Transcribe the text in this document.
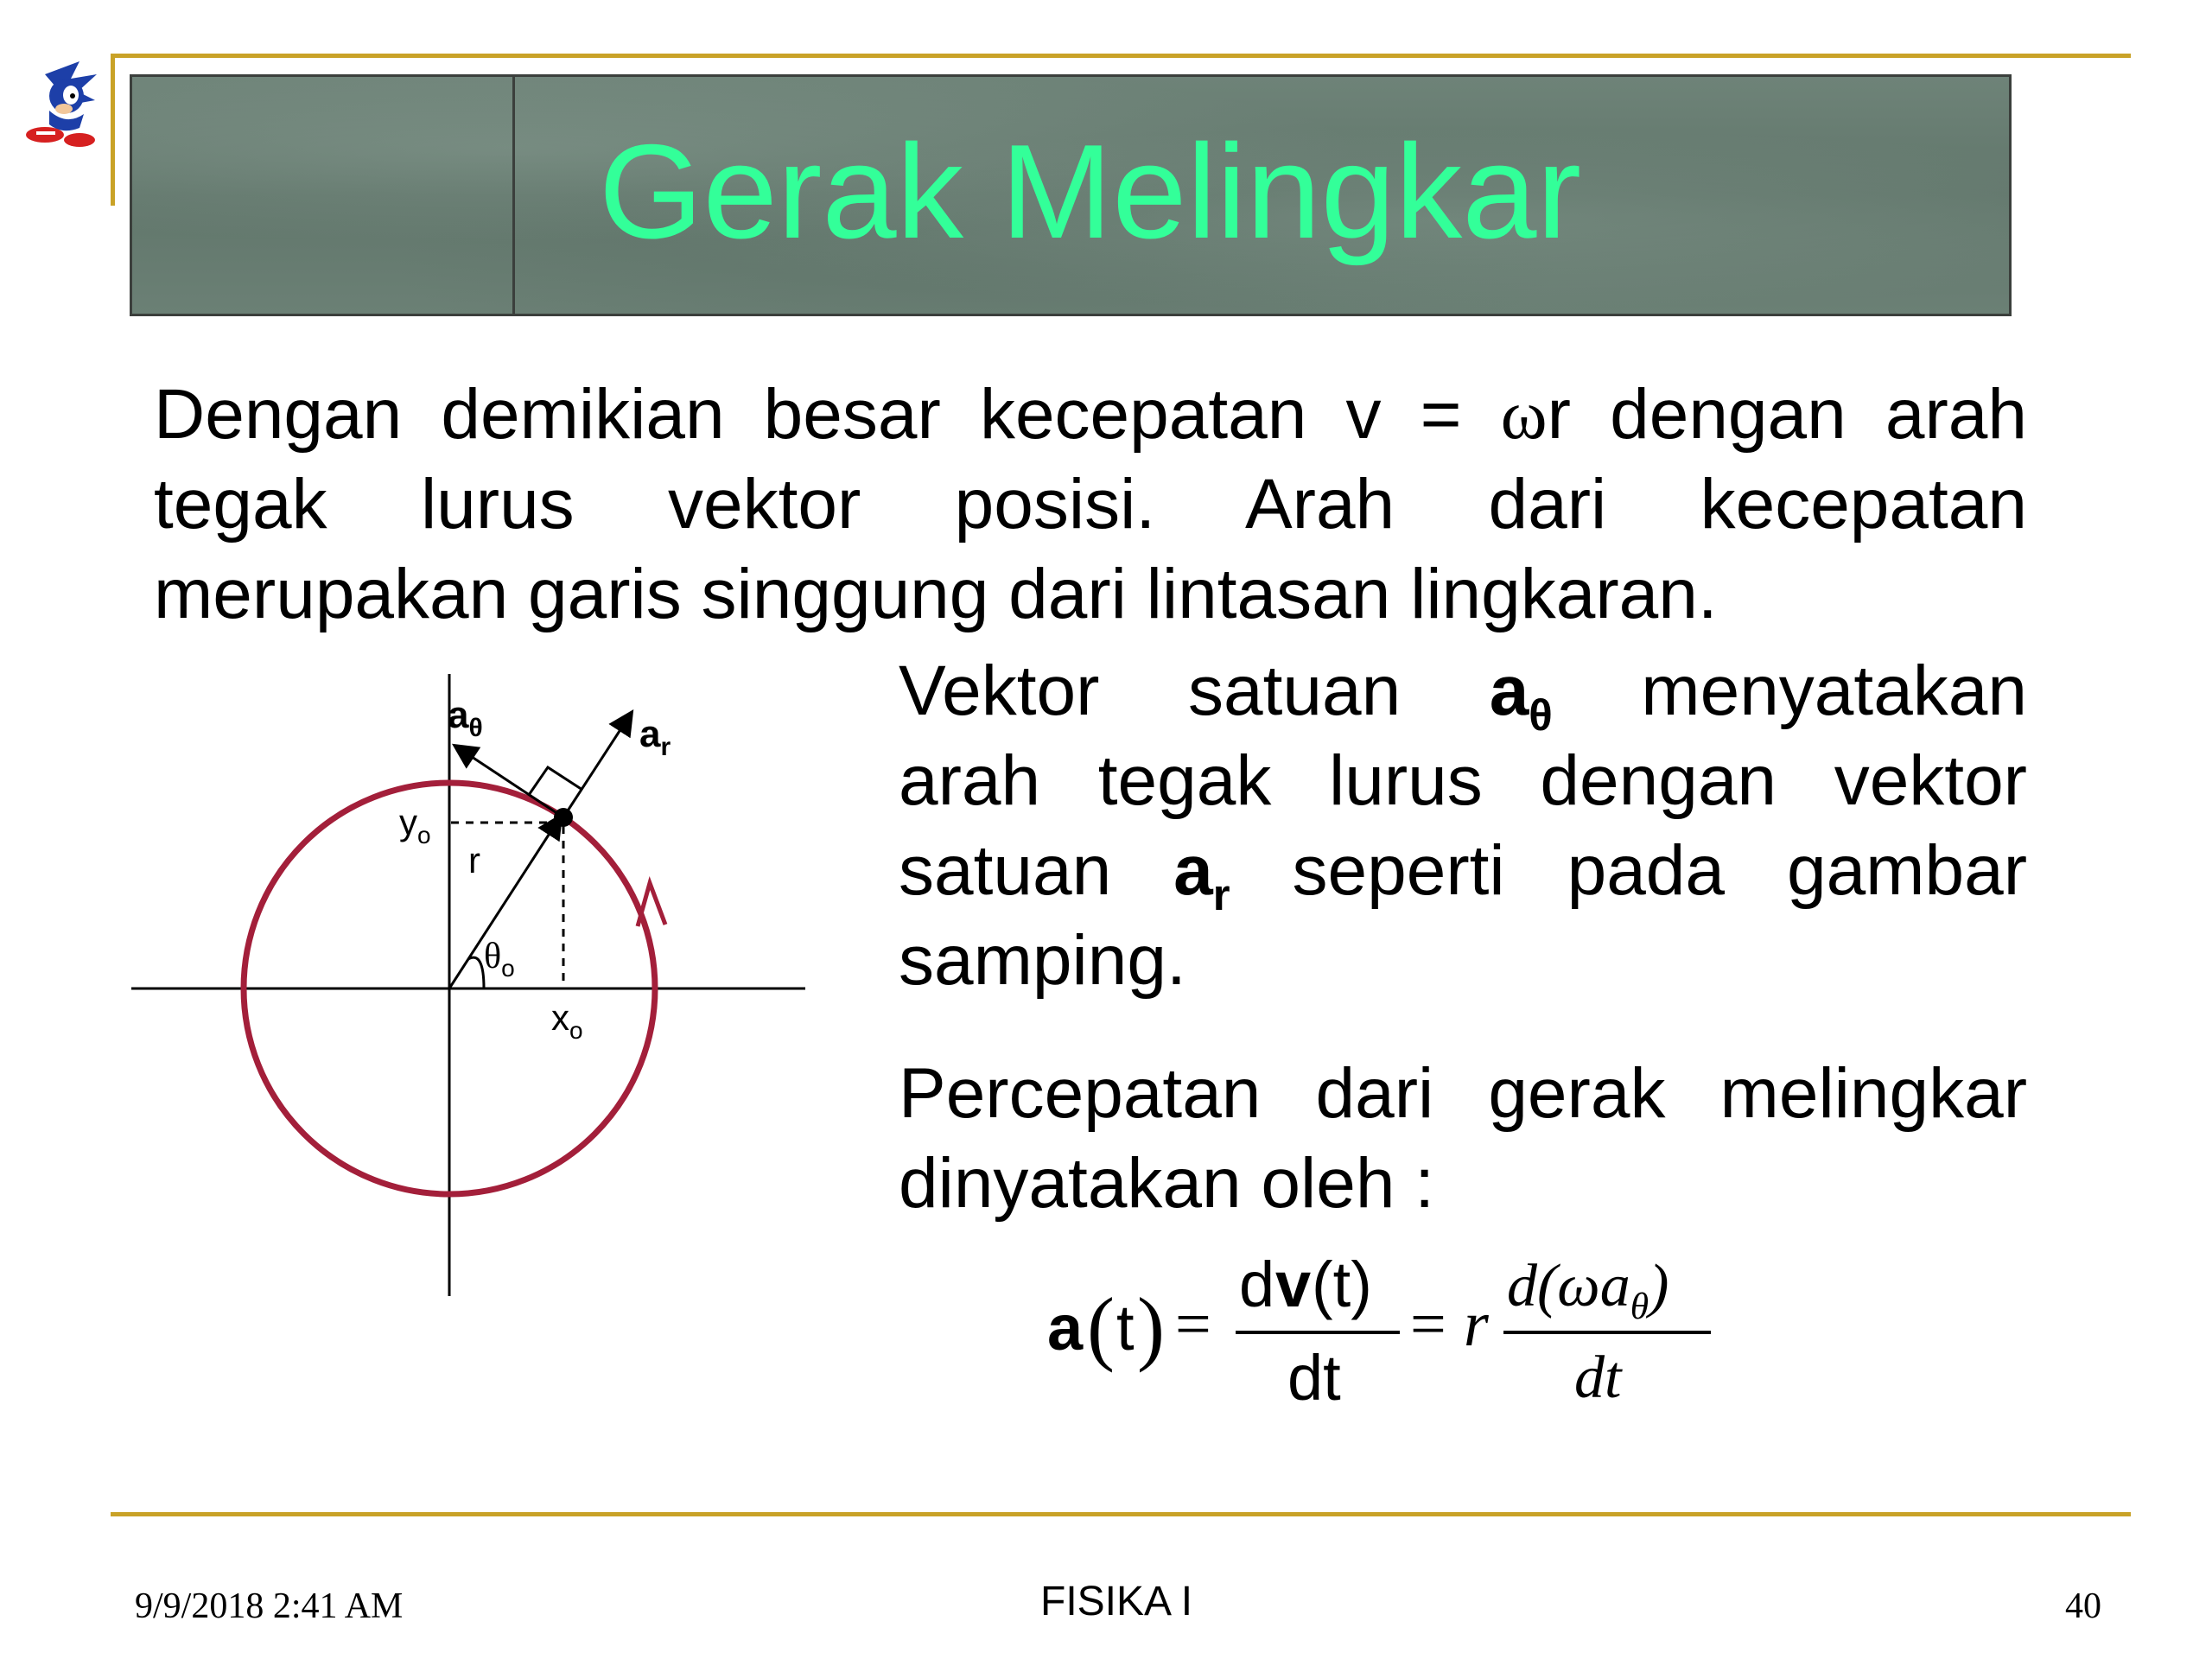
Gerak Melingkar
Dengan demikian besar kecepatan v = ωr dengan arah
tegak lurus vektor posisi. Arah dari kecepatan
merupakan garis singgung dari lintasan lingkaran.
Vektor satuan $a_\theta$ menyatakan
arah tegak lurus dengan vektor
satuan $a_r$ seperti pada gambar
samping.
Percepatan dari gerak melingkar
dinyatakan oleh :
a ( t ) =
d v (t)
dt
= r
$d(\omega a_\theta)$
dt
$a_\theta$	$a_r$
$y_o$
r
$\theta_o$
$x_o$
9/9/2018 2:41 AM	FISIKA I	40
